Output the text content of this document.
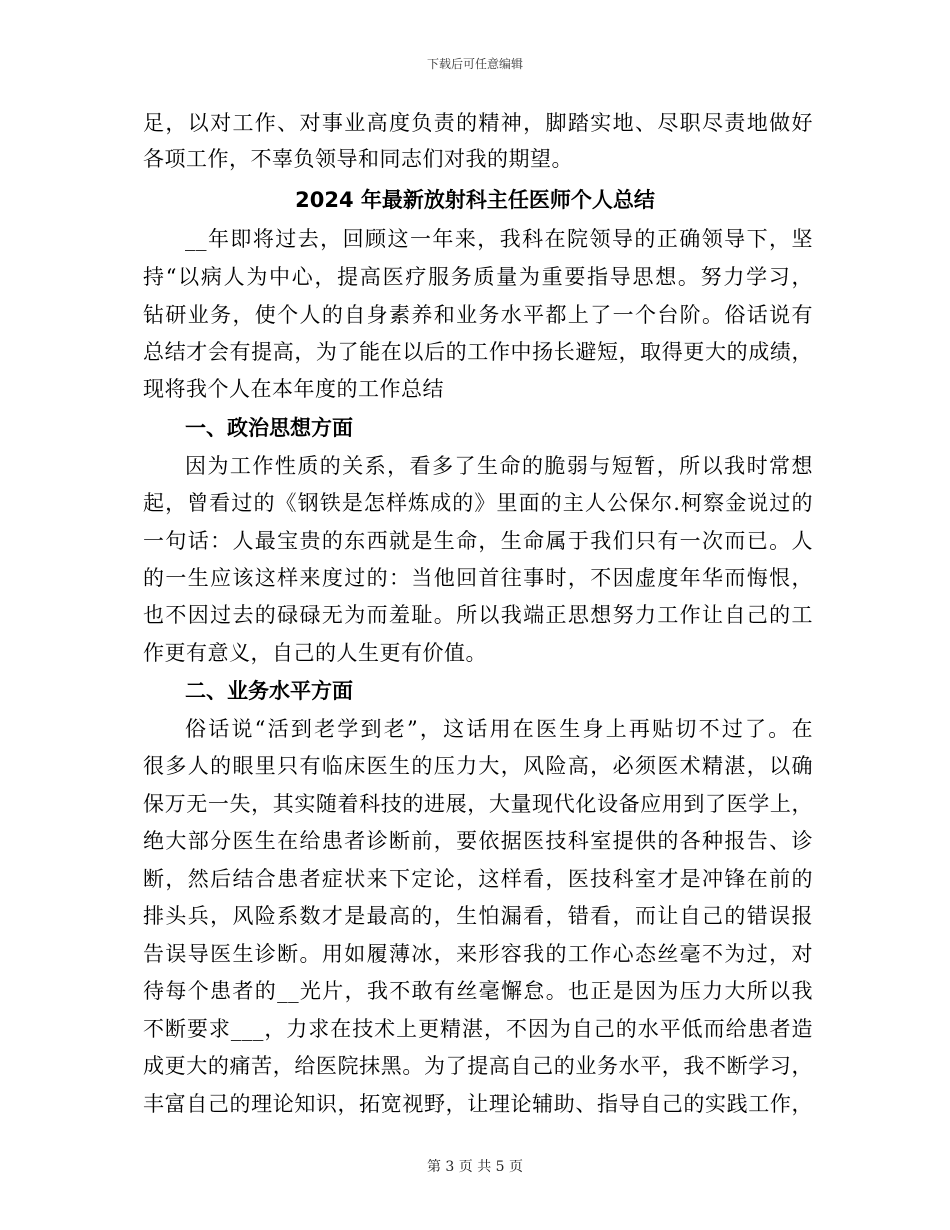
下载后可任意编辑
足，以对工作、对事业高度负责的精神，脚踏实地、尽职尽责地做好
各项工作，不辜负领导和同志们对我的期望。
2024 年最新放射科主任医师个人总结
__年即将过去，回顾这一年来，我科在院领导的正确领导下，坚
持“以病人为中心，提高医疗服务质量为重要指导思想。努力学习，
钻研业务，使个人的自身素养和业务水平都上了一个台阶。俗话说有
总结才会有提高，为了能在以后的工作中扬长避短，取得更大的成绩，
现将我个人在本年度的工作总结
一、政治思想方面
因为工作性质的关系，看多了生命的脆弱与短暂，所以我时常想
起，曾看过的《钢铁是怎样炼成的》里面的主人公保尔.柯察金说过的
一句话：人最宝贵的东西就是生命，生命属于我们只有一次而已。人
的一生应该这样来度过的：当他回首往事时，不因虚度年华而悔恨，
也不因过去的碌碌无为而羞耻。所以我端正思想努力工作让自己的工
作更有意义，自己的人生更有价值。
二、业务水平方面
俗话说“活到老学到老”，这话用在医生身上再贴切不过了。在
很多人的眼里只有临床医生的压力大，风险高，必须医术精湛，以确
保万无一失，其实随着科技的进展，大量现代化设备应用到了医学上，
绝大部分医生在给患者诊断前，要依据医技科室提供的各种报告、诊
断，然后结合患者症状来下定论，这样看，医技科室才是冲锋在前的
排头兵，风险系数才是最高的，生怕漏看，错看，而让自己的错误报
告误导医生诊断。用如履薄冰，来形容我的工作心态丝毫不为过，对
待每个患者的__光片，我不敢有丝毫懈怠。也正是因为压力大所以我
不断要求___，力求在技术上更精湛，不因为自己的水平低而给患者造
成更大的痛苦，给医院抹黑。为了提高自己的业务水平，我不断学习，
丰富自己的理论知识，拓宽视野，让理论辅助、指导自己的实践工作，
第 3 页 共 5 页
